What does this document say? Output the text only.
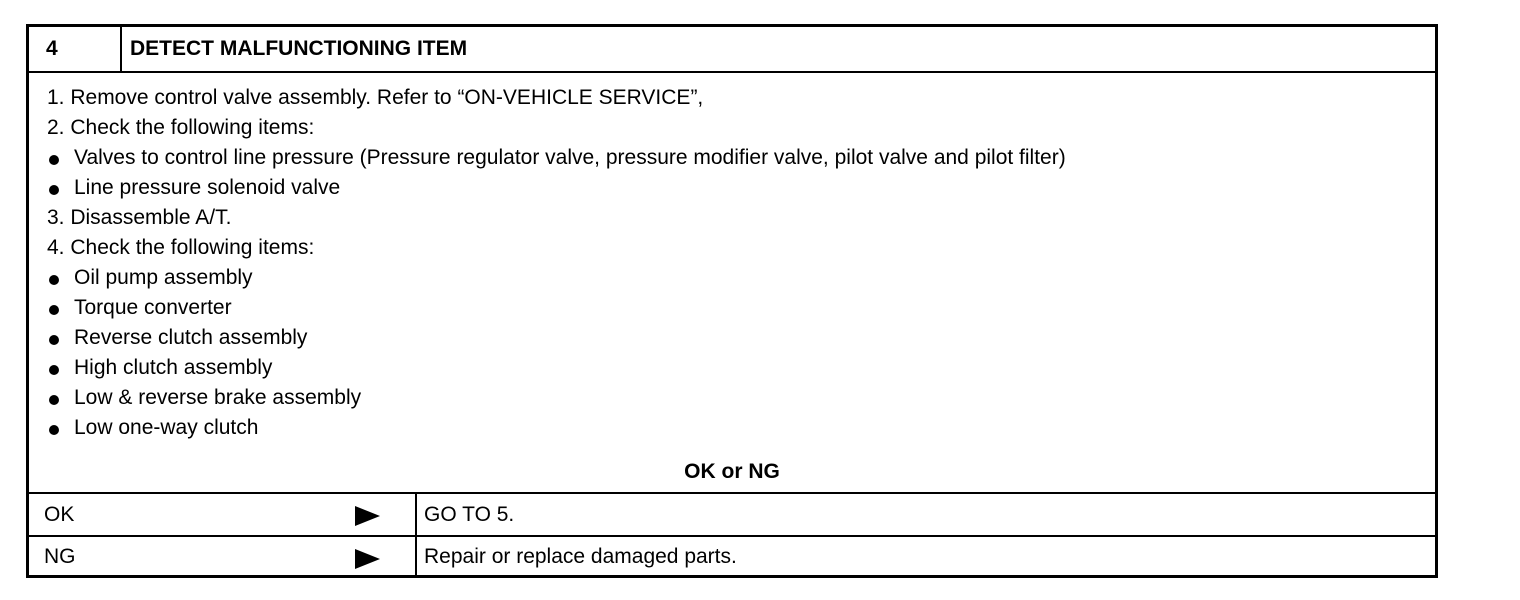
4	DETECT MALFUNCTIONING ITEM
1. Remove control valve assembly. Refer to “ON-VEHICLE SERVICE”,
2. Check the following items:
Valves to control line pressure (Pressure regulator valve, pressure modifier valve, pilot valve and pilot filter)
Line pressure solenoid valve
3. Disassemble A/T.
4. Check the following items:
Oil pump assembly
Torque converter
Reverse clutch assembly
High clutch assembly
Low & reverse brake assembly
Low one-way clutch
OK or NG
OK	GO TO 5.
NG	Repair or replace damaged parts.
